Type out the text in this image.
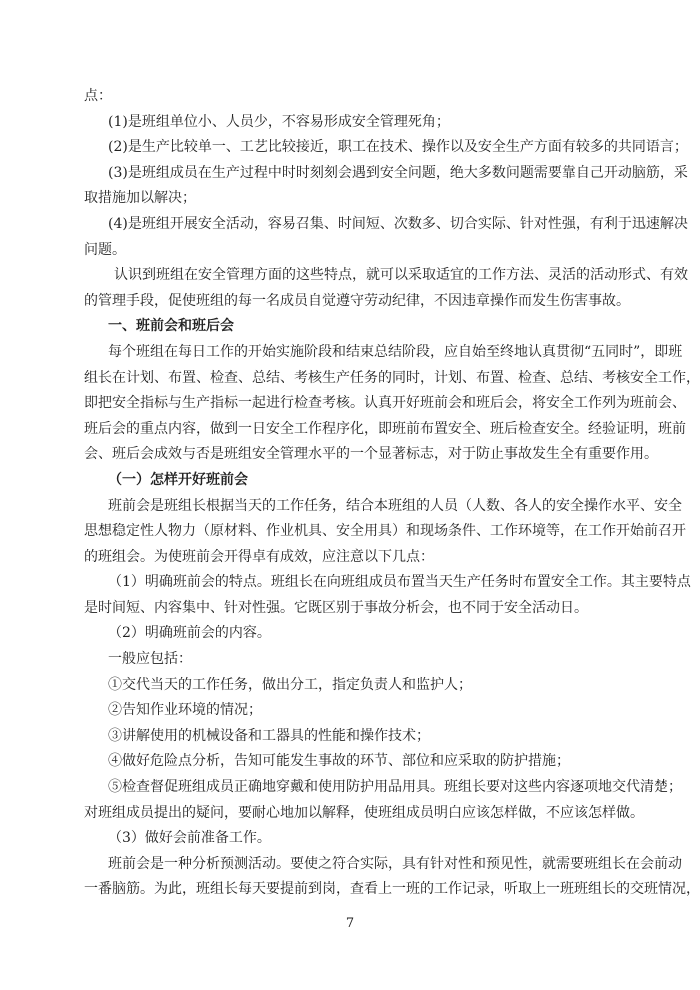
点：
(1)是班组单位小、人员少，不容易形成安全管理死角；
(2)是生产比较单一、工艺比较接近，职工在技术、操作以及安全生产方面有较多的共同语言；
(3)是班组成员在生产过程中时时刻刻会遇到安全问题，绝大多数问题需要靠自己开动脑筋，采
取措施加以解决；
(4)是班组开展安全活动，容易召集、时间短、次数多、切合实际、针对性强，有利于迅速解决
问题。
认识到班组在安全管理方面的这些特点，就可以采取适宜的工作方法、灵活的活动形式、有效
的管理手段，促使班组的每一名成员自觉遵守劳动纪律，不因违章操作而发生伤害事故。
一、班前会和班后会
每个班组在每日工作的开始实施阶段和结束总结阶段，应自始至终地认真贯彻“五同时”，即班
组长在计划、布置、检查、总结、考核生产任务的同时，计划、布置、检查、总结、考核安全工作，
即把安全指标与生产指标一起进行检查考核。认真开好班前会和班后会，将安全工作列为班前会、
班后会的重点内容，做到一日安全工作程序化，即班前布置安全、班后检查安全。经验证明，班前
会、班后会成效与否是班组安全管理水平的一个显著标志，对于防止事故发生全有重要作用。
（一）怎样开好班前会
班前会是班组长根据当天的工作任务，结合本班组的人员（人数、各人的安全操作水平、安全
思想稳定性人物力（原材料、作业机具、安全用具）和现场条件、工作环境等，在工作开始前召开
的班组会。为使班前会开得卓有成效，应注意以下几点：
（1）明确班前会的特点。班组长在向班组成员布置当天生产任务时布置安全工作。其主要特点
是时间短、内容集中、针对性强。它既区别于事故分析会，也不同于安全活动日。
（2）明确班前会的内容。
一般应包括：
①交代当天的工作任务，做出分工，指定负责人和监护人；
②告知作业环境的情况；
③讲解使用的机械设备和工器具的性能和操作技术；
④做好危险点分析，告知可能发生事故的环节、部位和应采取的防护措施；
⑤检查督促班组成员正确地穿戴和使用防护用品用具。班组长要对这些内容逐项地交代清楚；
对班组成员提出的疑问，要耐心地加以解释，使班组成员明白应该怎样做，不应该怎样做。
（3）做好会前准备工作。
班前会是一种分析预测活动。要使之符合实际，具有针对性和预见性，就需要班组长在会前动
一番脑筋。为此，班组长每天要提前到岗，查看上一班的工作记录，听取上一班班组长的交班情况，
7
